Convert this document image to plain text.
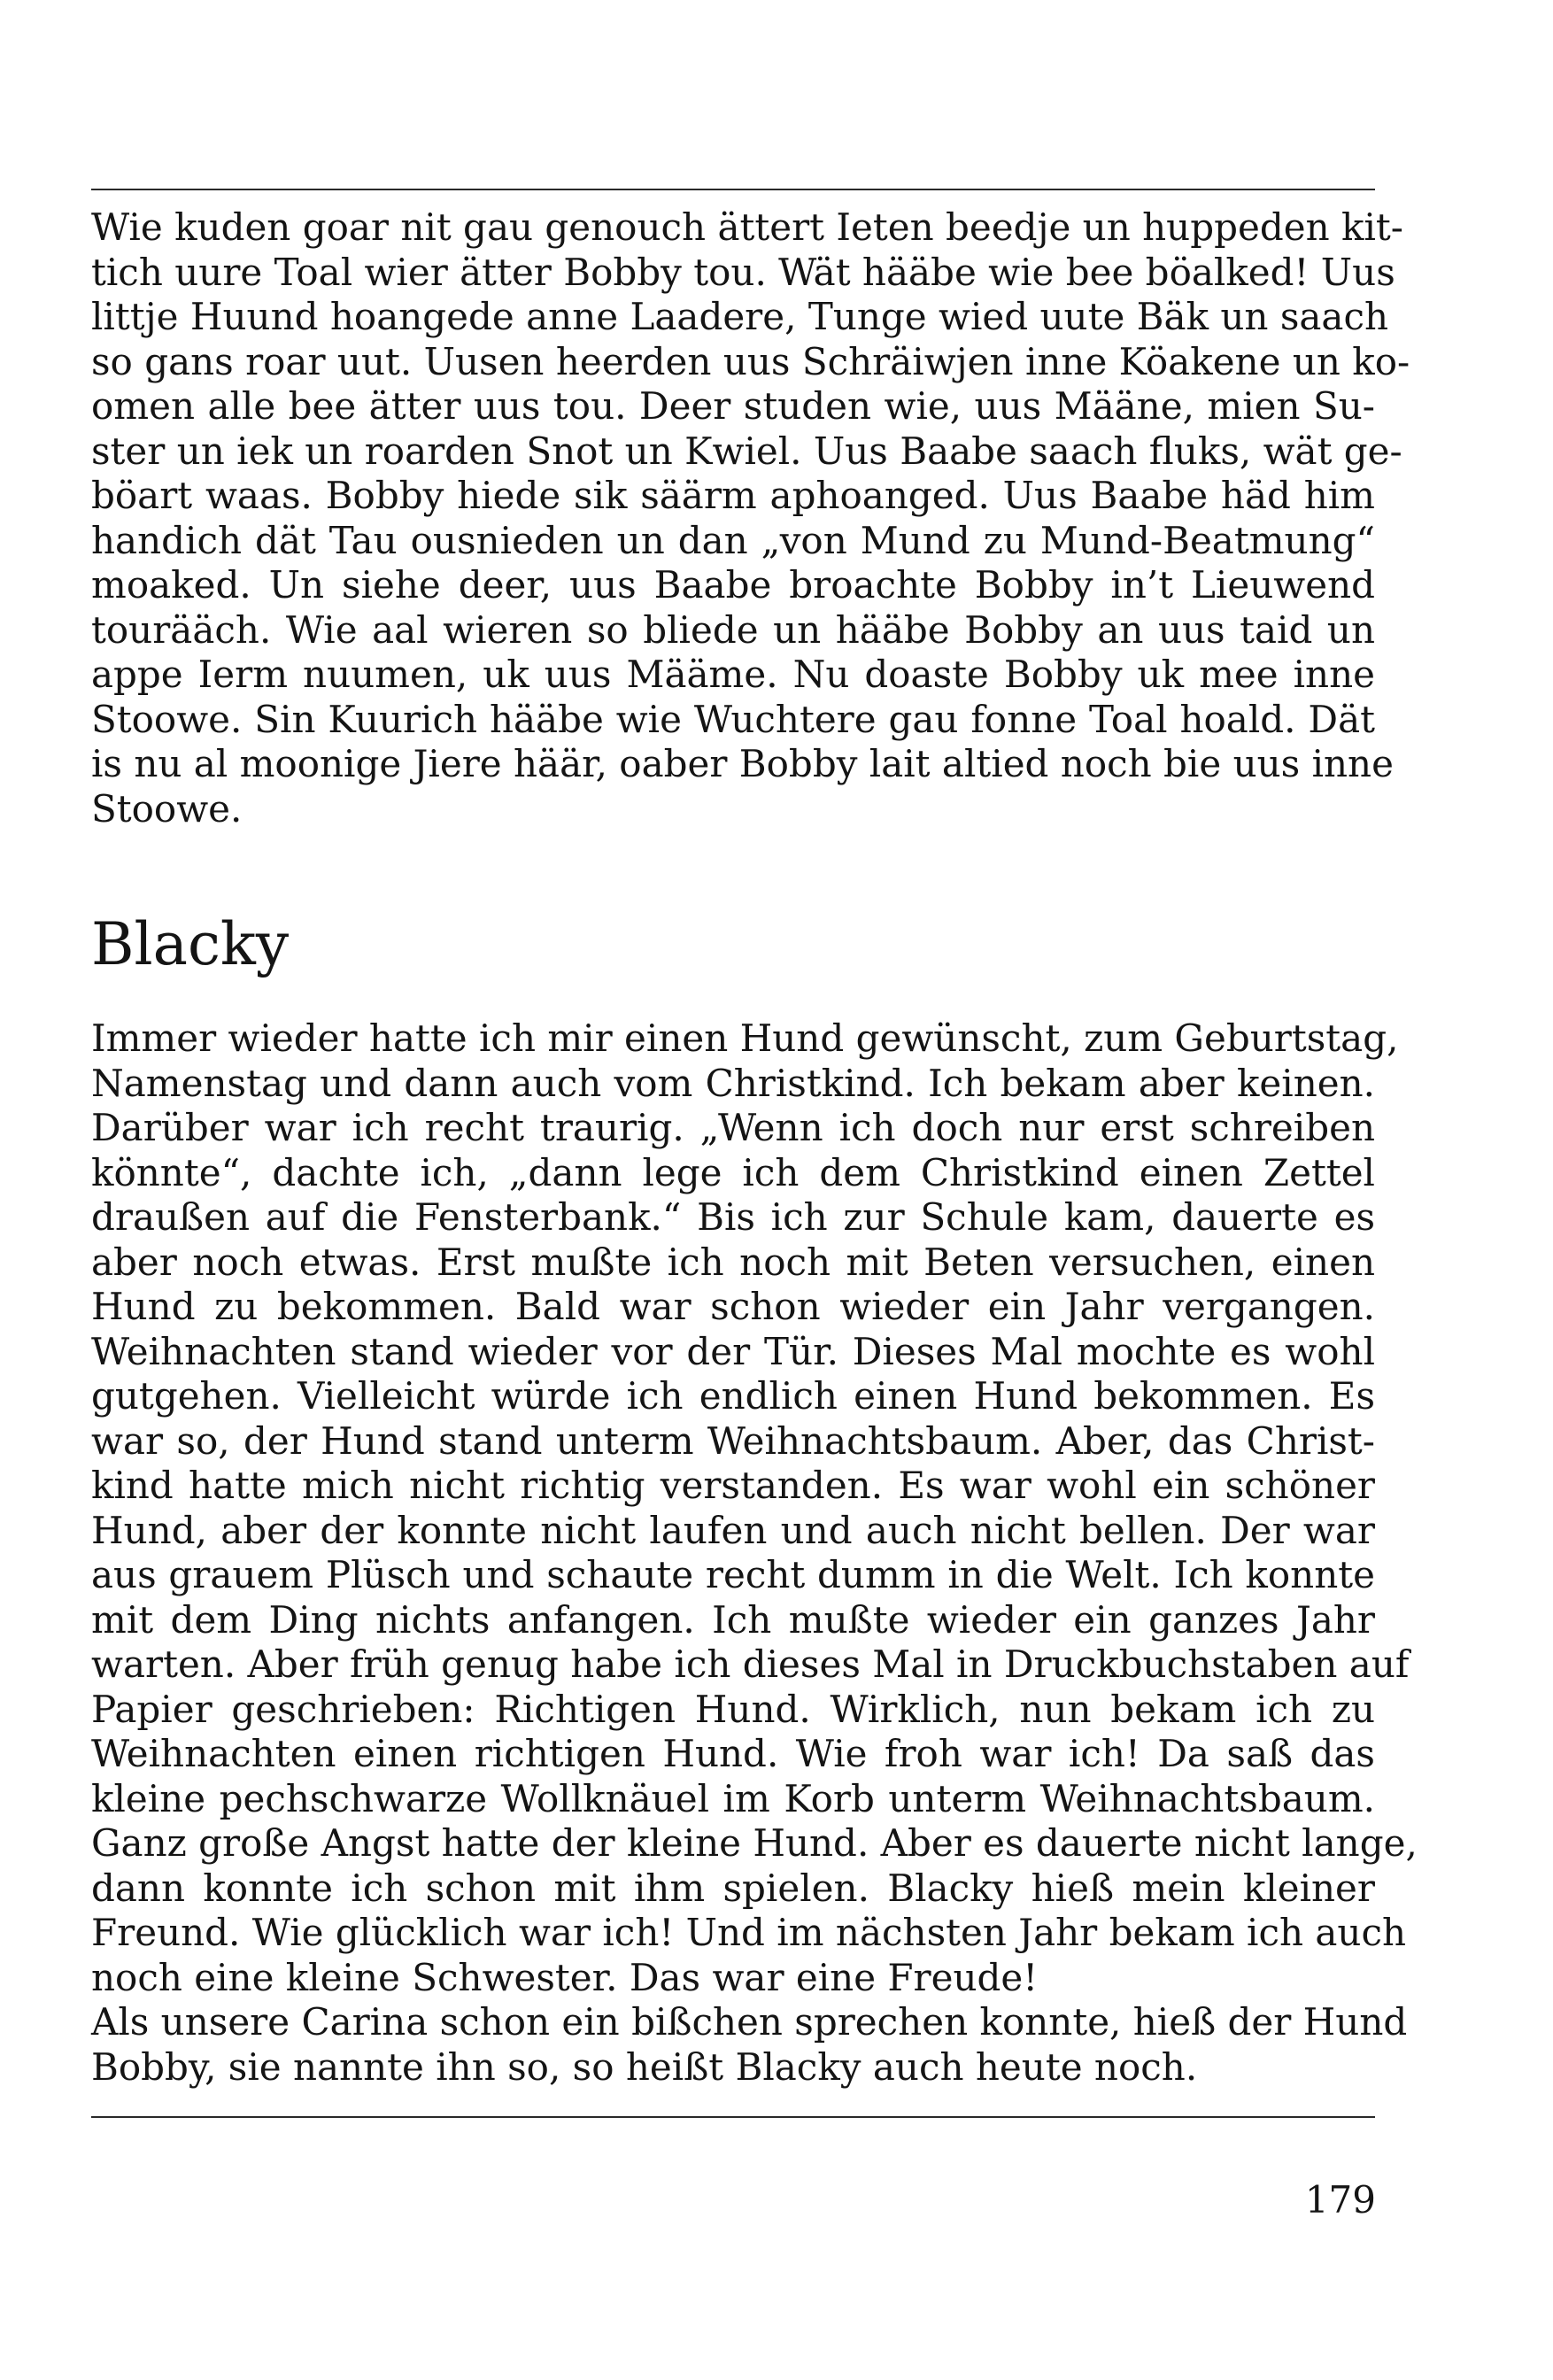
Wie kuden goar nit gau genouch ättert Ieten beedje un huppeden kit-
tich uure Toal wier ätter Bobby tou. Wät hääbe wie bee böalked! Uus
littje Huund hoangede anne Laadere, Tunge wied uute Bäk un saach
so gans roar uut. Uusen heerden uus Schräiwjen inne Köakene un ko-
omen alle bee ätter uus tou. Deer studen wie, uus Määne, mien Su-
ster un iek un roarden Snot un Kwiel. Uus Baabe saach fluks, wät ge-
böart waas. Bobby hiede sik säärm aphoanged. Uus Baabe häd him
handich dät Tau ousnieden un dan „von Mund zu Mund-Beatmung“
moaked. Un siehe deer, uus Baabe broachte Bobby in’t Lieuwend
tourääch. Wie aal wieren so bliede un hääbe Bobby an uus taid un
appe Ierm nuumen, uk uus Määme. Nu doaste Bobby uk mee inne
Stoowe. Sin Kuurich hääbe wie Wuchtere gau fonne Toal hoald. Dät
is nu al moonige Jiere häär, oaber Bobby lait altied noch bie uus inne
Stoowe.
Blacky
Immer wieder hatte ich mir einen Hund gewünscht, zum Geburtstag,
Namenstag und dann auch vom Christkind. Ich bekam aber keinen.
Darüber war ich recht traurig. „Wenn ich doch nur erst schreiben
könnte“, dachte ich, „dann lege ich dem Christkind einen Zettel
draußen auf die Fensterbank.“ Bis ich zur Schule kam, dauerte es
aber noch etwas. Erst mußte ich noch mit Beten versuchen, einen
Hund zu bekommen. Bald war schon wieder ein Jahr vergangen.
Weihnachten stand wieder vor der Tür. Dieses Mal mochte es wohl
gutgehen. Vielleicht würde ich endlich einen Hund bekommen. Es
war so, der Hund stand unterm Weihnachtsbaum. Aber, das Christ-
kind hatte mich nicht richtig verstanden. Es war wohl ein schöner
Hund, aber der konnte nicht laufen und auch nicht bellen. Der war
aus grauem Plüsch und schaute recht dumm in die Welt. Ich konnte
mit dem Ding nichts anfangen. Ich mußte wieder ein ganzes Jahr
warten. Aber früh genug habe ich dieses Mal in Druckbuchstaben auf
Papier geschrieben: Richtigen Hund. Wirklich, nun bekam ich zu
Weihnachten einen richtigen Hund. Wie froh war ich! Da saß das
kleine pechschwarze Wollknäuel im Korb unterm Weihnachtsbaum.
Ganz große Angst hatte der kleine Hund. Aber es dauerte nicht lange,
dann konnte ich schon mit ihm spielen. Blacky hieß mein kleiner
Freund. Wie glücklich war ich! Und im nächsten Jahr bekam ich auch
noch eine kleine Schwester. Das war eine Freude!
Als unsere Carina schon ein bißchen sprechen konnte, hieß der Hund
Bobby, sie nannte ihn so, so heißt Blacky auch heute noch.
179
